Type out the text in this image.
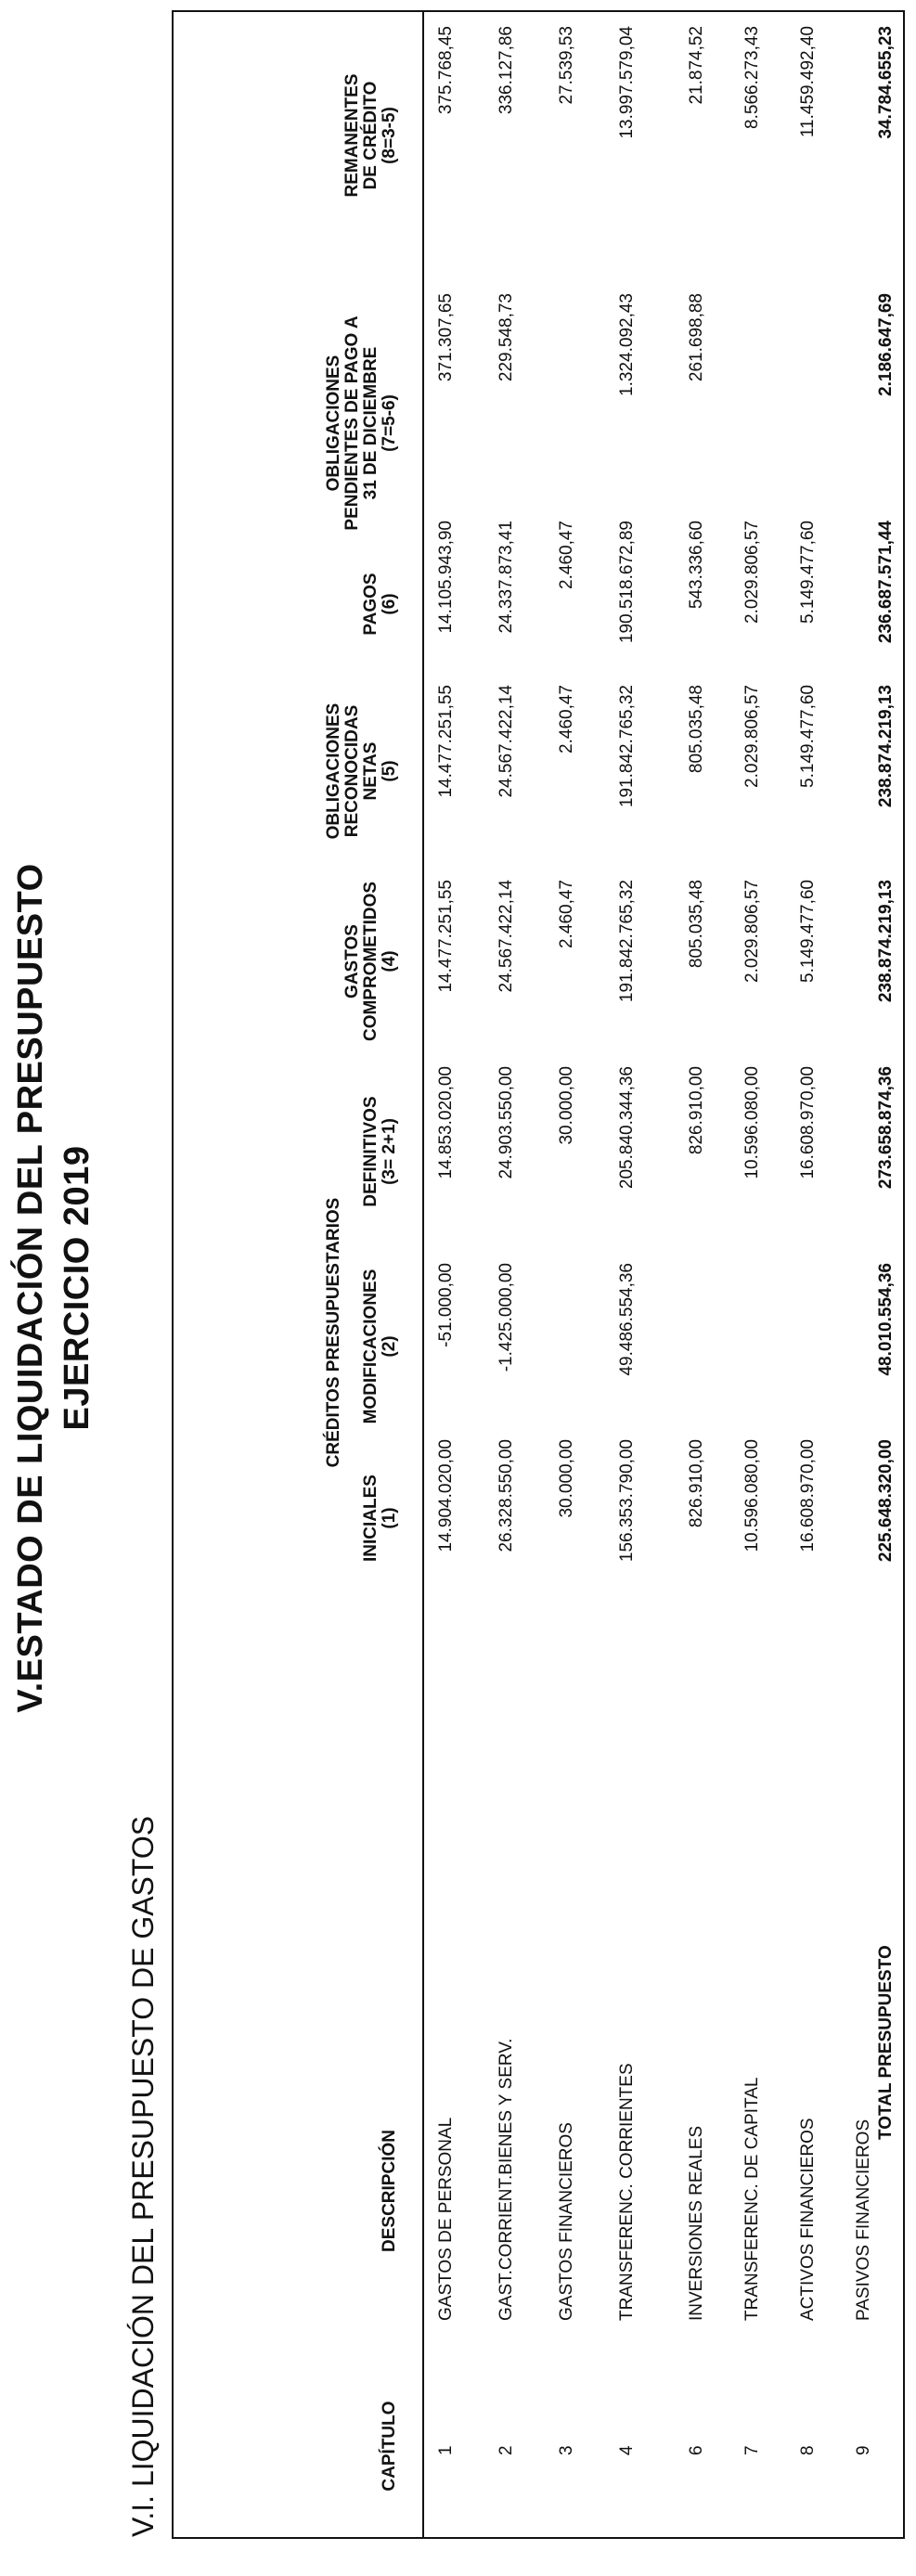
V.ESTADO DE LIQUIDACIÓN DEL PRESUPUESTO EJERCICIO 2019
V.I. LIQUIDACIÓN DEL PRESUPUESTO DE GASTOS	CAPÍTULO
DESCRIPCIÓN
CRÉDITOS PRESUPUESTARIOS
INICIALES (1)
MODIFICACIONES (2)
DEFINITIVOS (3= 2+1)
GASTOS COMPROMETIDOS (4)
OBLIGACIONES RECONOCIDAS NETAS (5)
PAGOS (6)
OBLIGACIONES PENDIENTES DE PAGO A 31 DE DICIEMBRE (7=5-6)
REMANENTES DE CRÉDITO (8=3-5)
1
GASTOS DE PERSONAL
14.904.020,00
-51.000,00
14.853.020,00
14.477.251,55
14.477.251,55
14.105.943,90
371.307,65
375.768,45
2
GAST.CORRIENT.BIENES Y SERV.
26.328.550,00
-1.425.000,00
24.903.550,00
24.567.422,14
24.567.422,14
24.337.873,41
229.548,73
336.127,86
3
GASTOS FINANCIEROS
30.000,00
30.000,00
2.460,47
2.460,47
2.460,47
27.539,53
4
TRANSFERENC. CORRIENTES
156.353.790,00
49.486.554,36
205.840.344,36
191.842.765,32
191.842.765,32
190.518.672,89
1.324.092,43
13.997.579,04
6
INVERSIONES REALES
826.910,00
826.910,00
805.035,48
805.035,48
543.336,60
261.698,88
21.874,52
7
TRANSFERENC. DE CAPITAL
10.596.080,00
10.596.080,00
2.029.806,57
2.029.806,57
2.029.806,57
8.566.273,43
8
ACTIVOS FINANCIEROS
16.608.970,00
16.608.970,00
5.149.477,60
5.149.477,60
5.149.477,60
11.459.492,40
9
PASIVOS FINANCIEROS
TOTAL PRESUPUESTO
225.648.320,00
48.010.554,36
273.658.874,36
238.874.219,13
238.874.219,13
236.687.571,44
2.186.647,69
34.784.655,23
